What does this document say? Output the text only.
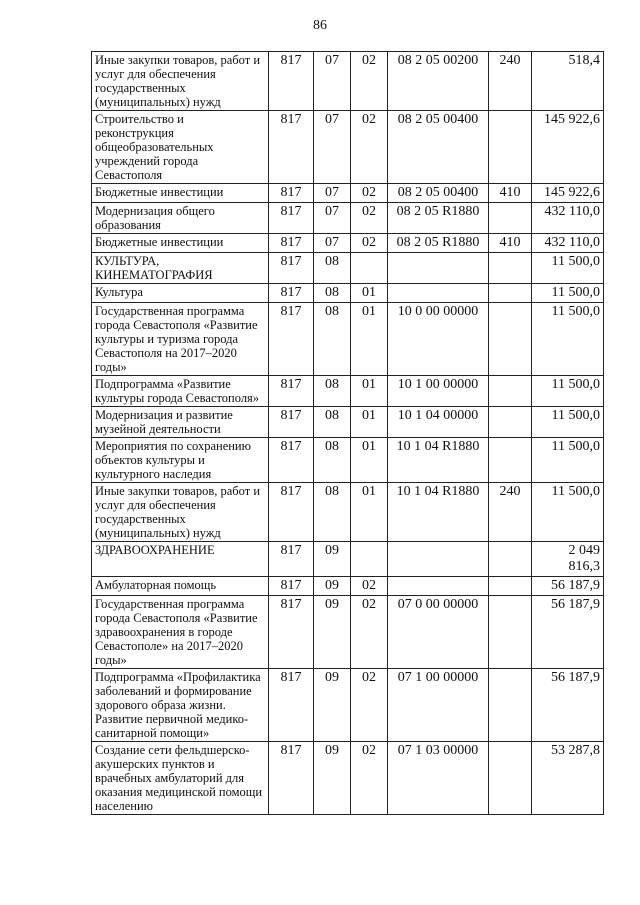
86
Иные закупки товаров, работ и услуг для обеспечения государственных (муниципальных) нужд	817	07	02	08 2 05 00200	240	518,4
Строительство и реконструкция общеобразовательных учреждений города Севастополя	817	07	02	08 2 05 00400		145 922,6
Бюджетные инвестиции	817	07	02	08 2 05 00400	410	145 922,6
Модернизация общего образования	817	07	02	08 2 05 R1880		432 110,0
Бюджетные инвестиции	817	07	02	08 2 05 R1880	410	432 110,0
КУЛЬТУРА, КИНЕМАТОГРАФИЯ	817	08				11 500,0
Культура	817	08	01			11 500,0
Государственная программа города Севастополя «Развитие культуры и туризма города Севастополя на 2017–2020 годы»	817	08	01	10 0 00 00000		11 500,0
Подпрограмма «Развитие культуры города Севастополя»	817	08	01	10 1 00 00000		11 500,0
Модернизация и развитие музейной деятельности	817	08	01	10 1 04 00000		11 500,0
Мероприятия по сохранению объектов культуры и культурного наследия	817	08	01	10 1 04 R1880		11 500,0
Иные закупки товаров, работ и услуг для обеспечения государственных (муниципальных) нужд	817	08	01	10 1 04 R1880	240	11 500,0
ЗДРАВООХРАНЕНИЕ	817	09				2 049 816,3
Амбулаторная помощь	817	09	02			56 187,9
Государственная программа города Севастополя «Развитие здравоохранения в городе Севастополе» на 2017–2020 годы»	817	09	02	07 0 00 00000		56 187,9
Подпрограмма «Профилактика заболеваний и формирование здорового образа жизни. Развитие первичной медико-санитарной помощи»	817	09	02	07 1 00 00000		56 187,9
Создание сети фельдшерско-акушерских пунктов и врачебных амбулаторий для оказания медицинской помощи населению	817	09	02	07 1 03 00000		53 287,8
